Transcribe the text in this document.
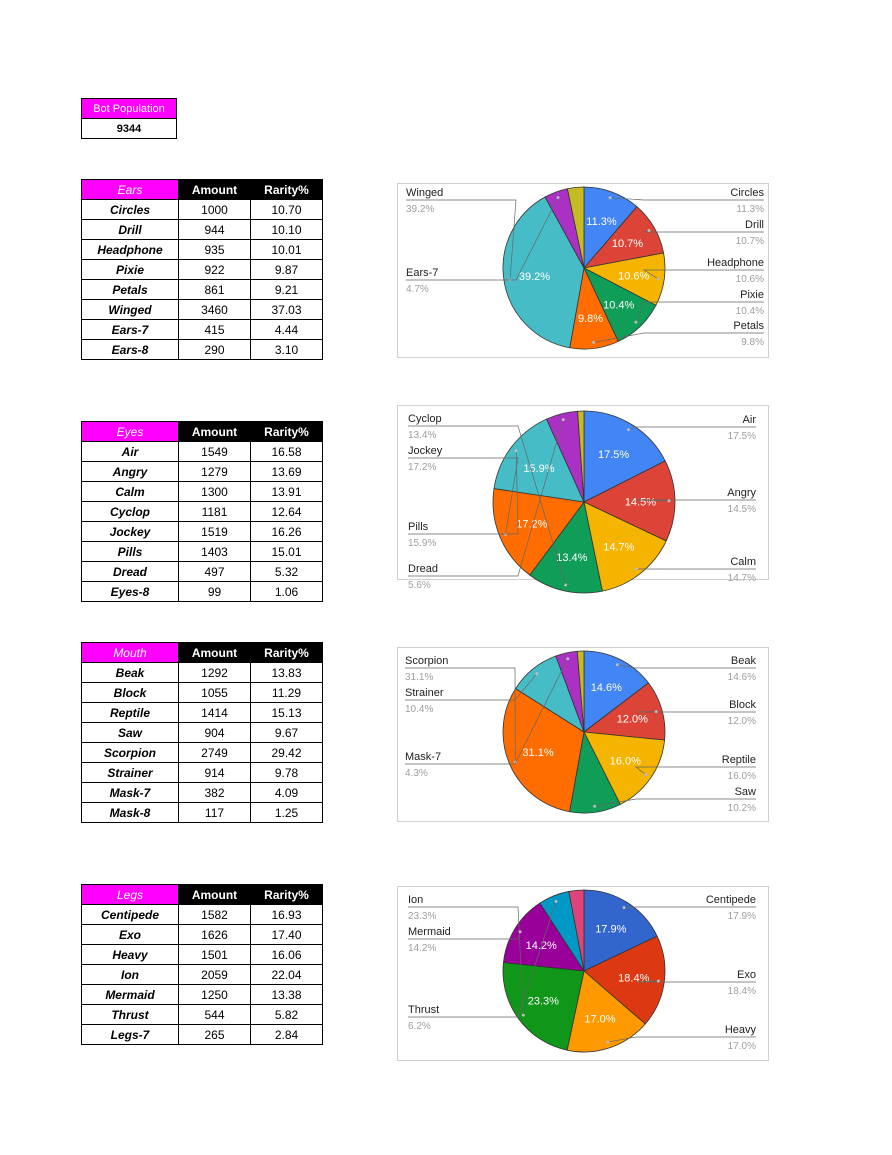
Bot Population
9344
Ears	Amount	Rarity%
Circles	1000	10.70
Drill	944	10.10
Headphone	935	10.01
Pixie	922	9.87
Petals	861	9.21
Winged	3460	37.03
Ears-7	415	4.44
Ears-8	290	3.10
Eyes	Amount	Rarity%
Air	1549	16.58
Angry	1279	13.69
Calm	1300	13.91
Cyclop	1181	12.64
Jockey	1519	16.26
Pills	1403	15.01
Dread	497	5.32
Eyes-8	99	1.06
Mouth	Amount	Rarity%
Beak	1292	13.83
Block	1055	11.29
Reptile	1414	15.13
Saw	904	9.67
Scorpion	2749	29.42
Strainer	914	9.78
Mask-7	382	4.09
Mask-8	117	1.25
Legs	Amount	Rarity%
Centipede	1582	16.93
Exo	1626	17.40
Heavy	1501	16.06
Ion	2059	22.04
Mermaid	1250	13.38
Thrust	544	5.82
Legs-7	265	2.84
11.3%
10.7%
10.6%
10.4%
9.8%
39.2%
Circles
11.3%
Drill
10.7%
Headphone
10.6%
Pixie
10.4%
Petals
9.8%
Winged
39.2%
Ears-7
4.7%
17.5%
14.5%
14.7%
13.4%
17.2%
15.9%
Air
17.5%
Angry
14.5%
Calm
14.7%
Cyclop
13.4%
Jockey
17.2%
Pills
15.9%
Dread
5.6%
14.6%
12.0%
16.0%
31.1%
Beak
14.6%
Block
12.0%
Reptile
16.0%
Saw
10.2%
Scorpion
31.1%
Strainer
10.4%
Mask-7
4.3%
17.9%
18.4%
17.0%
23.3%
14.2%
Centipede
17.9%
Exo
18.4%
Heavy
17.0%
Ion
23.3%
Mermaid
14.2%
Thrust
6.2%
